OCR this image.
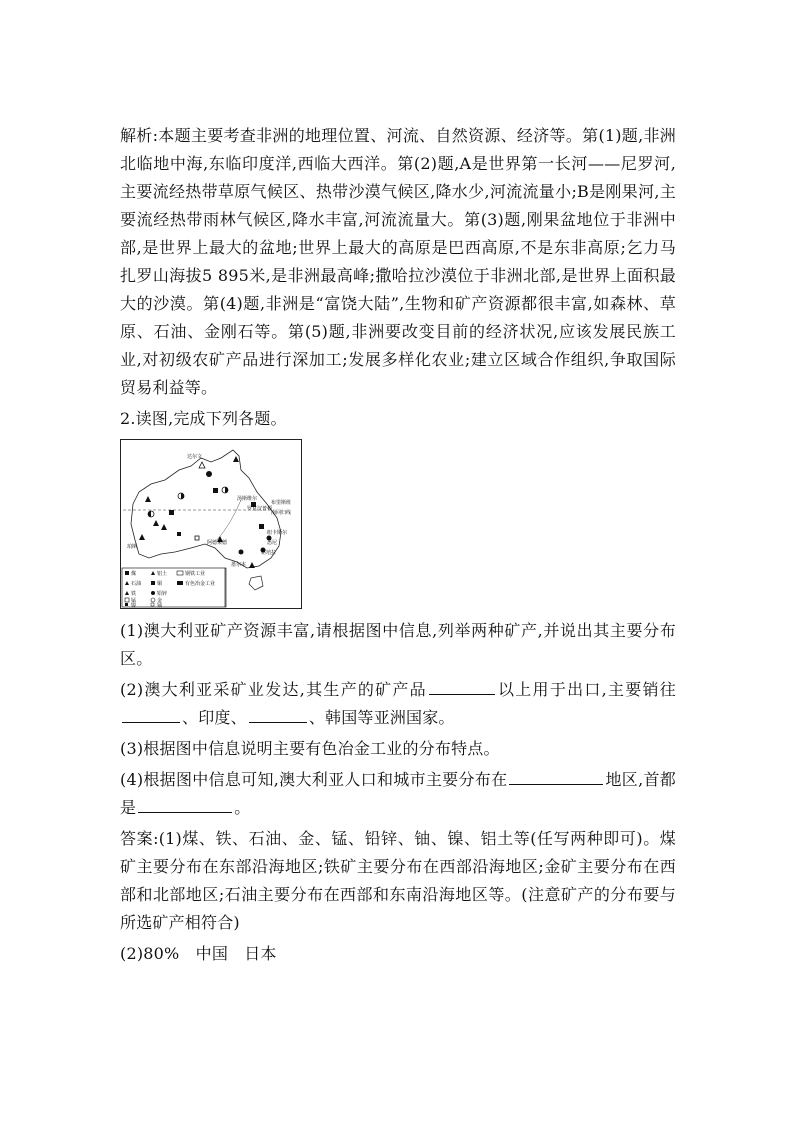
解析:本题主要考查非洲的地理位置、河流、自然资源、经济等。第(1)题,非洲北临地中海,东临印度洋,西临大西洋。第(2)题,A是世界第一长河——尼罗河,主要流经热带草原气候区、热带沙漠气候区,降水少,河流流量小;B是刚果河,主要流经热带雨林气候区,降水丰富,河流流量大。第(3)题,刚果盆地位于非洲中部,是世界上最大的盆地;世界上最大的高原是巴西高原,不是东非高原;乞力马扎罗山海拔5 895米,是非洲最高峰;撒哈拉沙漠位于非洲北部,是世界上面积最大的沙漠。第(4)题,非洲是“富饶大陆”,生物和矿产资源都很丰富,如森林、草原、石油、金刚石等。第(5)题,非洲要改变目前的经济状况,应该发展民族工业,对初级农矿产品进行深加工;发展多样化农业;建立区域合作组织,争取国际贸易利益等。

2.读图,完成下列各题。

达尔文
汤斯维尔
罗克汉普顿
布里斯班
纽卡斯尔
悉尼
堪培拉
墨尔本
阿德莱德
珀斯
南回归线
煤
石油
铁
锰
铝土
铜
铅锌
金
镍	铀
钢铁工业
有色冶金工业

(1)澳大利亚矿产资源丰富,请根据图中信息,列举两种矿产,并说出其主要分布区。

(2)澳大利亚采矿业发达,其生产的矿产品	以上用于出口,主要销往、印度、	、韩国等亚洲国家。

(3)根据图中信息说明主要有色冶金工业的分布特点。

(4)根据图中信息可知,澳大利亚人口和城市主要分布在	地区,首都是	。

答案:(1)煤、铁、石油、金、锰、铅锌、铀、镍、铝土等(任写两种即可)。煤矿主要分布在东部沿海地区;铁矿主要分布在西部沿海地区;金矿主要分布在西部和北部地区;石油主要分布在西部和东南沿海地区等。(注意矿产的分布要与所选矿产相符合)

(2)80%　中国　日本
